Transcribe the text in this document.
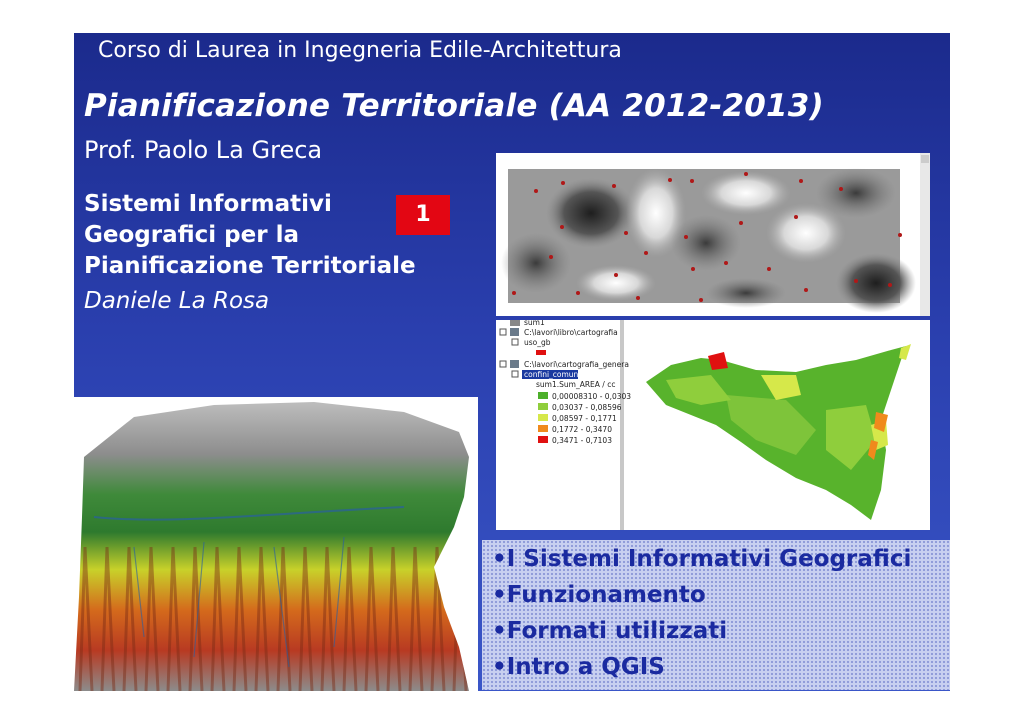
Corso di Laurea in Ingegneria Edile-Architettura
Pianificazione Territoriale (AA 2012-2013)
Prof. Paolo La Greca
Sistemi Informativi
Geografici per la
Pianificazione Territoriale
1
Daniele La Rosa
sum1
C:\lavori\libro\cartografia
uso_gb
C:\lavori\cartografia_genera
confini_comunali
sum1.Sum_AREA / cc
0,00008310 - 0,0303
0,03037 - 0,08596
0,08597 - 0,1771
0,1772 - 0,3470
0,3471 - 0,7103
•I Sistemi Informativi Geografici
•Funzionamento
•Formati utilizzati
•Intro a QGIS
